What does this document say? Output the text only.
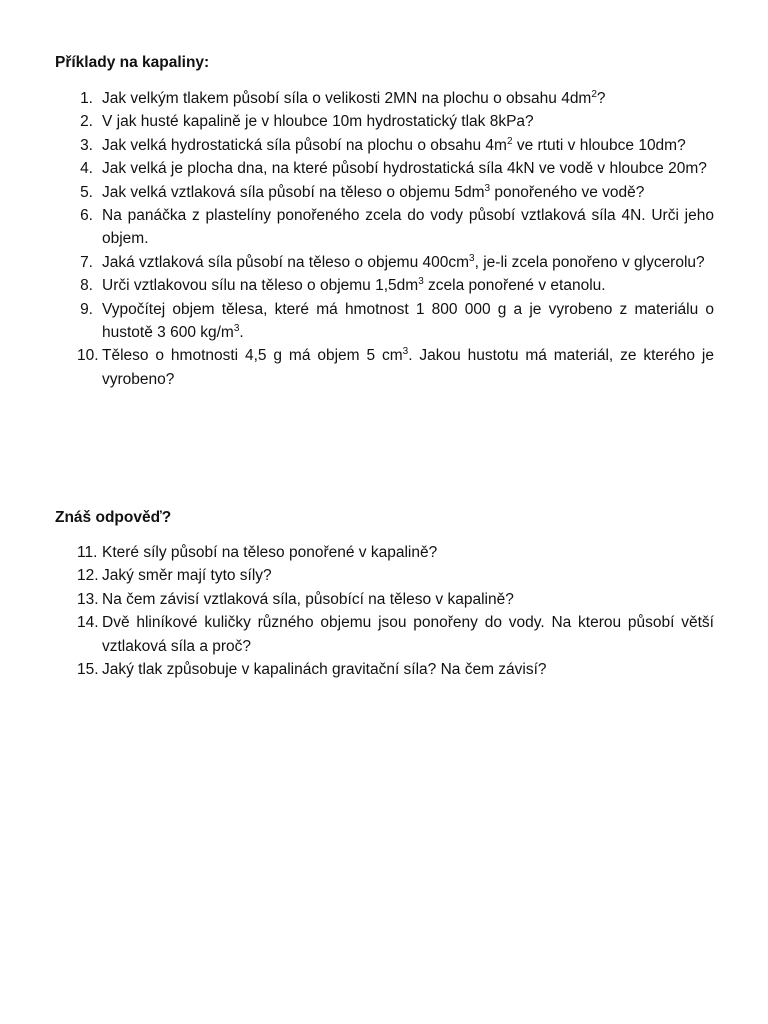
Příklady na kapaliny:
1. Jak velkým tlakem působí síla o velikosti 2MN na plochu o obsahu $4dm^2$?
2. V jak husté kapalině je v hloubce 10m hydrostatický tlak 8kPa?
3. Jak velká hydrostatická síla působí na plochu o obsahu $4m^2$ ve rtuti v hloubce 10dm?
4. Jak velká je plocha dna, na které působí hydrostatická síla 4kN ve vodě v hloubce 20m?
5. Jak velká vztlaková síla působí na těleso o objemu $5dm^3$ ponořeného ve vodě?
6. Na panáčka z plastelíny ponořeného zcela do vody působí vztlaková síla 4N. Urči jeho objem.
7. Jaká vztlaková síla působí na těleso o objemu $400cm^3$, je-li zcela ponořeno v glycerolu?
8. Urči vztlakovou sílu na těleso o objemu $1,5dm^3$ zcela ponořené v etanolu.
9. Vypočítej objem tělesa, které má hmotnost 1 800 000 g a je vyrobeno z materiálu o hustotě 3 600 $kg/m^3$.
10. Těleso o hmotnosti 4,5 g má objem 5 $cm^3$. Jakou hustotu má materiál, ze kterého je vyrobeno?
Znáš odpověď?
11. Které síly působí na těleso ponořené v kapalině?
12. Jaký směr mají tyto síly?
13. Na čem závisí vztlaková síla, působící na těleso v kapalině?
14. Dvě hliníkové kuličky různého objemu jsou ponořeny do vody. Na kterou působí větší vztlaková síla a proč?
15. Jaký tlak způsobuje v kapalinách gravitační síla? Na čem závisí?
